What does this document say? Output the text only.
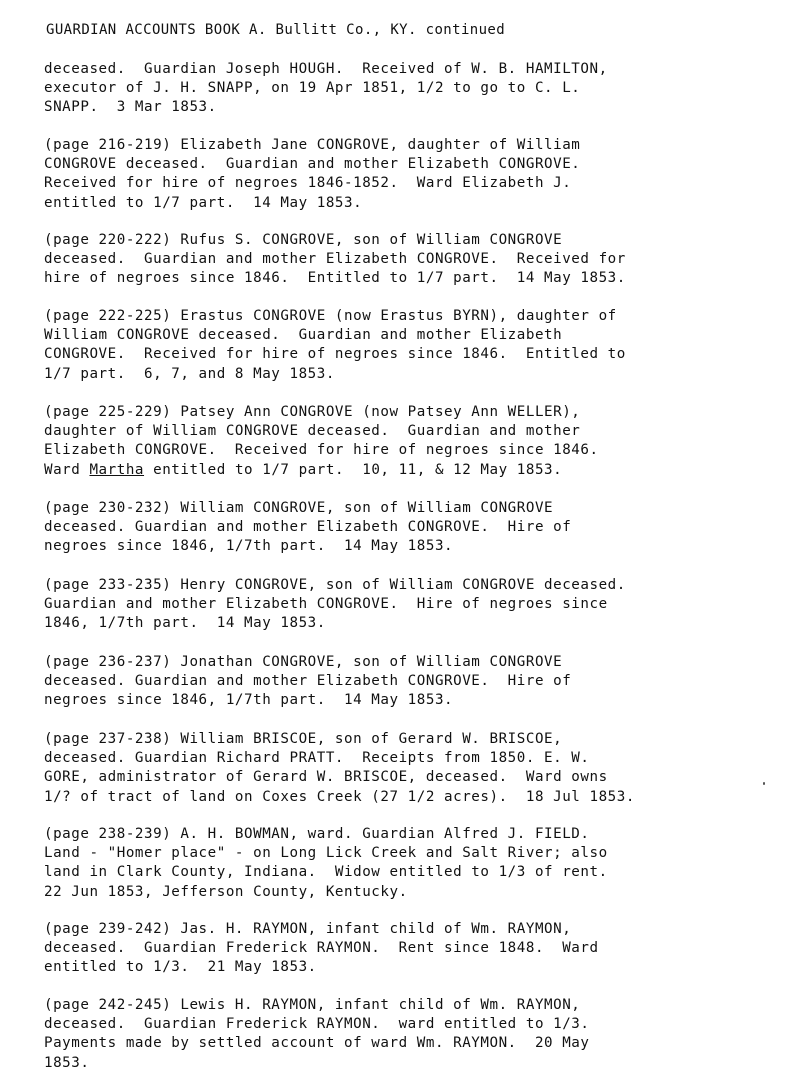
GUARDIAN ACCOUNTS BOOK A. Bullitt Co., KY. continued
deceased.  Guardian Joseph HOUGH.  Received of W. B. HAMILTON,
executor of J. H. SNAPP, on 19 Apr 1851, 1/2 to go to C. L.
SNAPP.  3 Mar 1853.
(page 216-219) Elizabeth Jane CONGROVE, daughter of William
CONGROVE deceased.  Guardian and mother Elizabeth CONGROVE.
Received for hire of negroes 1846-1852.  Ward Elizabeth J.
entitled to 1/7 part.  14 May 1853.
(page 220-222) Rufus S. CONGROVE, son of William CONGROVE
deceased.  Guardian and mother Elizabeth CONGROVE.  Received for
hire of negroes since 1846.  Entitled to 1/7 part.  14 May 1853.
(page 222-225) Erastus CONGROVE (now Erastus BYRN), daughter of
William CONGROVE deceased.  Guardian and mother Elizabeth
CONGROVE.  Received for hire of negroes since 1846.  Entitled to
1/7 part.  6, 7, and 8 May 1853.
(page 225-229) Patsey Ann CONGROVE (now Patsey Ann WELLER),
daughter of William CONGROVE deceased.  Guardian and mother
Elizabeth CONGROVE.  Received for hire of negroes since 1846.
Ward Martha entitled to 1/7 part.  10, 11, & 12 May 1853.
(page 230-232) William CONGROVE, son of William CONGROVE
deceased. Guardian and mother Elizabeth CONGROVE.  Hire of
negroes since 1846, 1/7th part.  14 May 1853.
(page 233-235) Henry CONGROVE, son of William CONGROVE deceased.
Guardian and mother Elizabeth CONGROVE.  Hire of negroes since
1846, 1/7th part.  14 May 1853.
(page 236-237) Jonathan CONGROVE, son of William CONGROVE
deceased. Guardian and mother Elizabeth CONGROVE.  Hire of
negroes since 1846, 1/7th part.  14 May 1853.
(page 237-238) William BRISCOE, son of Gerard W. BRISCOE,
deceased. Guardian Richard PRATT.  Receipts from 1850. E. W.
GORE, administrator of Gerard W. BRISCOE, deceased.  Ward owns
1/? of tract of land on Coxes Creek (27 1/2 acres).  18 Jul 1853.
(page 238-239) A. H. BOWMAN, ward. Guardian Alfred J. FIELD.
Land - "Homer place" - on Long Lick Creek and Salt River; also
land in Clark County, Indiana.  Widow entitled to 1/3 of rent.
22 Jun 1853, Jefferson County, Kentucky.
(page 239-242) Jas. H. RAYMON, infant child of Wm. RAYMON,
deceased.  Guardian Frederick RAYMON.  Rent since 1848.  Ward
entitled to 1/3.  21 May 1853.
(page 242-245) Lewis H. RAYMON, infant child of Wm. RAYMON,
deceased.  Guardian Frederick RAYMON.  ward entitled to 1/3.
Payments made by settled account of ward Wm. RAYMON.  20 May
1853.
